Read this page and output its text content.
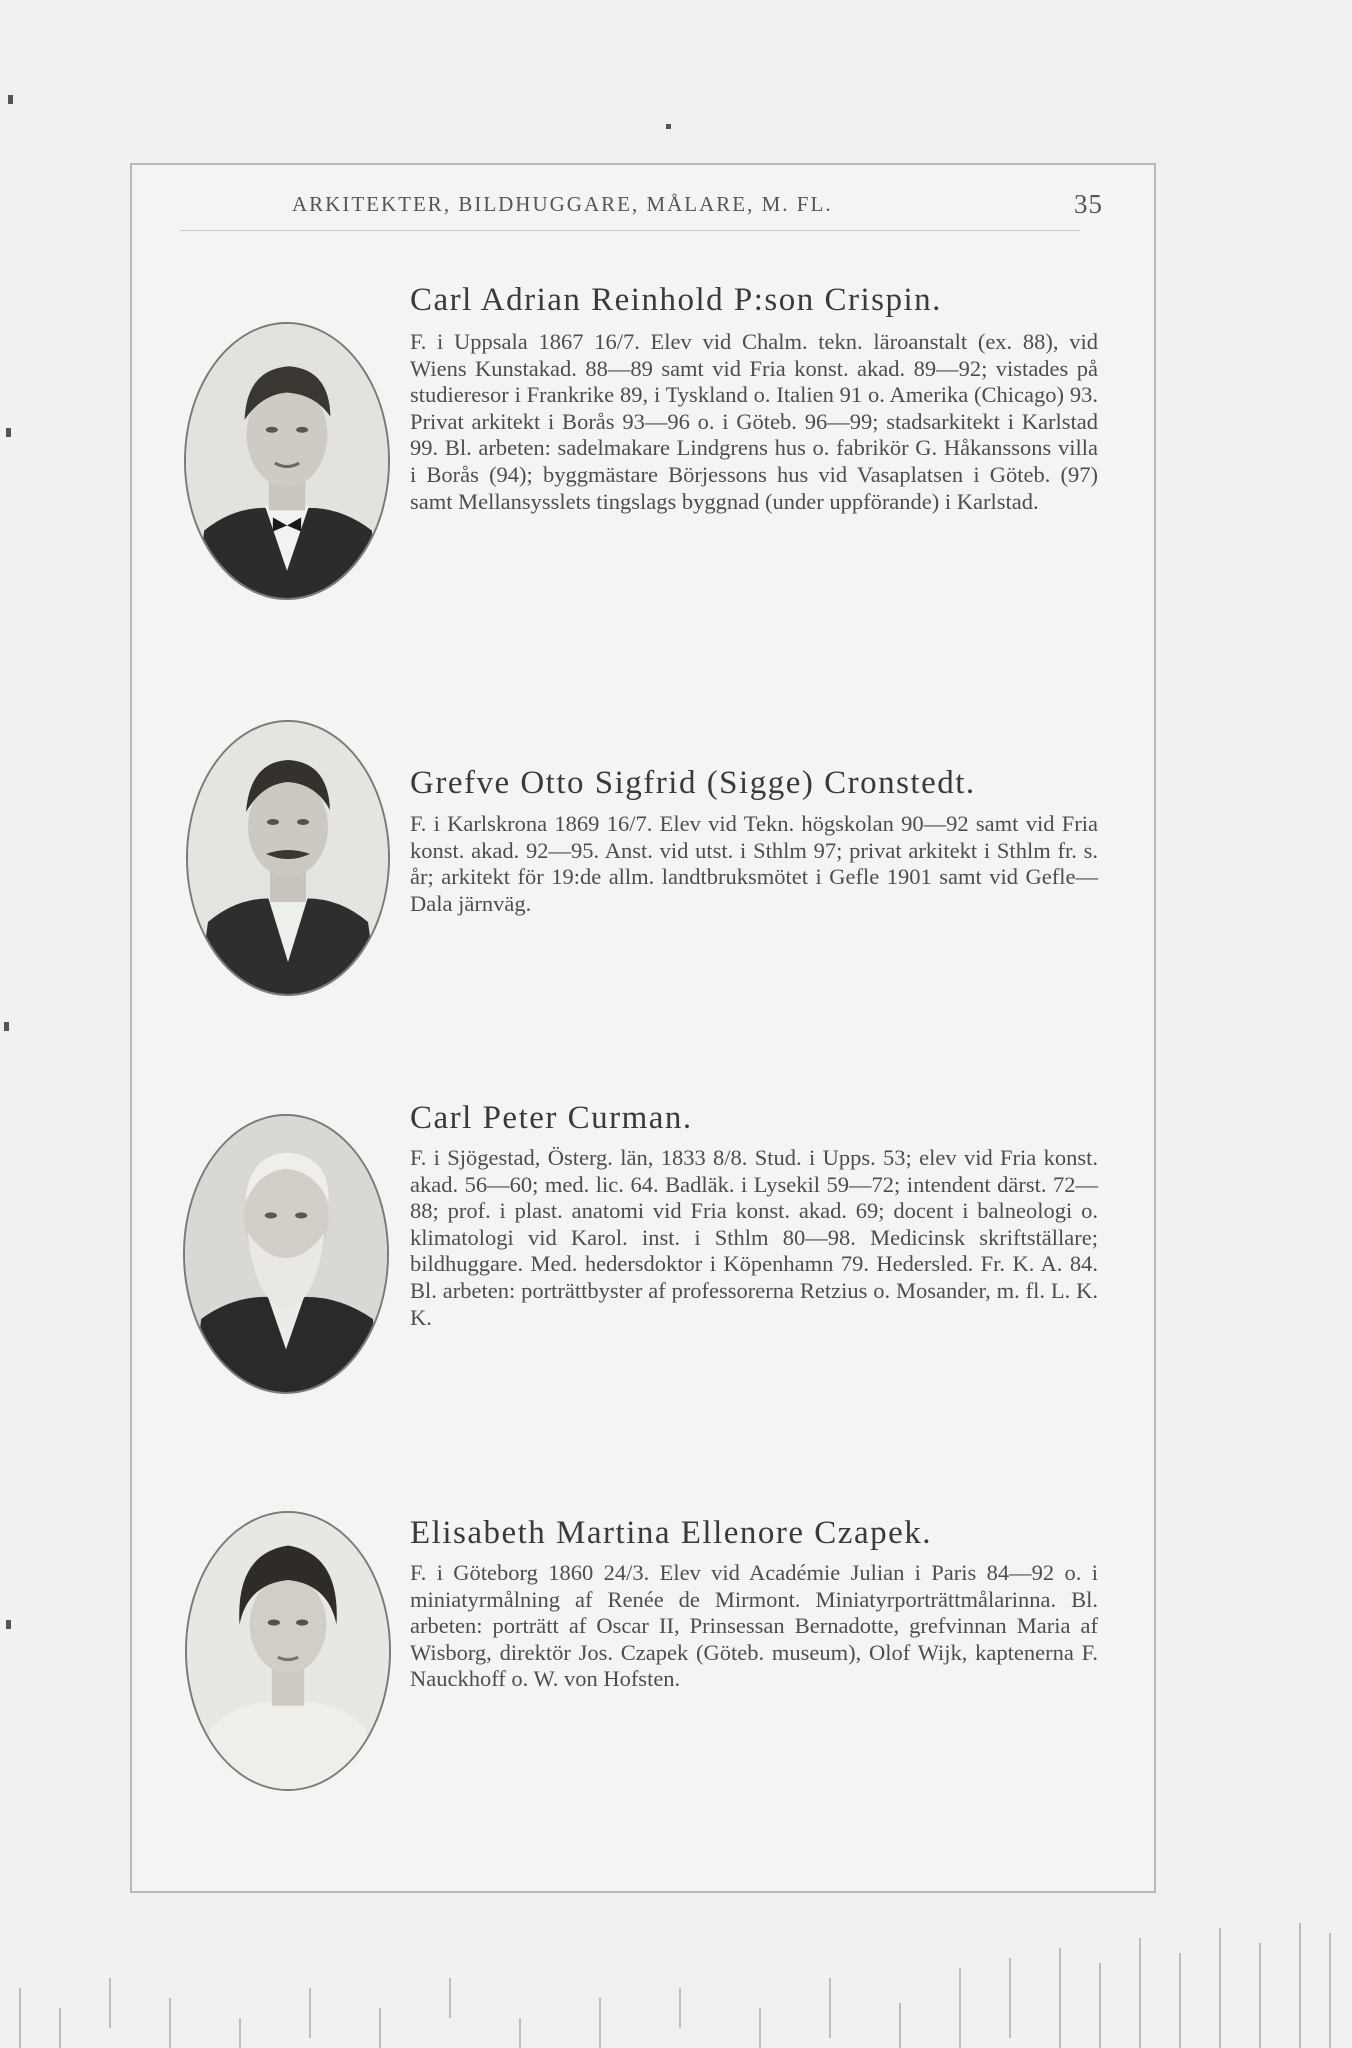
ARKITEKTER, BILDHUGGARE, MÅLARE, M. FL.	35
Carl Adrian Reinhold P:son Crispin.
F. i Uppsala 1867 16/7. Elev vid Chalm. tekn. läroanstalt (ex. 88), vid Wiens Kunstakad. 88—89 samt vid Fria konst. akad. 89—92; vistades på studieresor i Frankrike 89, i Tyskland o. Italien 91 o. Amerika (Chicago) 93. Privat arkitekt i Borås 93—96 o. i Göteb. 96—99; stadsarkitekt i Karlstad 99. Bl. arbeten: sadelmakare Lindgrens hus o. fabrikör G. Håkanssons villa i Borås (94); byggmästare Börjessons hus vid Vasaplatsen i Göteb. (97) samt Mellansysslets tingslags byggnad (under uppförande) i Karlstad.
Grefve Otto Sigfrid (Sigge) Cronstedt.
F. i Karlskrona 1869 16/7. Elev vid Tekn. högskolan 90—92 samt vid Fria konst. akad. 92—95. Anst. vid utst. i Sthlm 97; privat arkitekt i Sthlm fr. s. år; arkitekt för 19:de allm. landtbruksmötet i Gefle 1901 samt vid Gefle—Dala järnväg.
Carl Peter Curman.
F. i Sjögestad, Österg. län, 1833 8/8. Stud. i Upps. 53; elev vid Fria konst. akad. 56—60; med. lic. 64. Badläk. i Lysekil 59—72; intendent därst. 72—88; prof. i plast. anatomi vid Fria konst. akad. 69; docent i balneologi o. klimatologi vid Karol. inst. i Sthlm 80—98. Medicinsk skriftställare; bildhuggare. Med. hedersdoktor i Köpenhamn 79. Hedersled. Fr. K. A. 84. Bl. arbeten: porträttbyster af professorerna Retzius o. Mosander, m. fl. L. K. K.
Elisabeth Martina Ellenore Czapek.
F. i Göteborg 1860 24/3. Elev vid Académie Julian i Paris 84—92 o. i miniatyrmålning af Renée de Mirmont. Miniatyrporträttmålarinna. Bl. arbeten: porträtt af Oscar II, Prinsessan Bernadotte, grefvinnan Maria af Wisborg, direktör Jos. Czapek (Göteb. museum), Olof Wijk, kaptenerna F. Nauckhoff o. W. von Hofsten.
